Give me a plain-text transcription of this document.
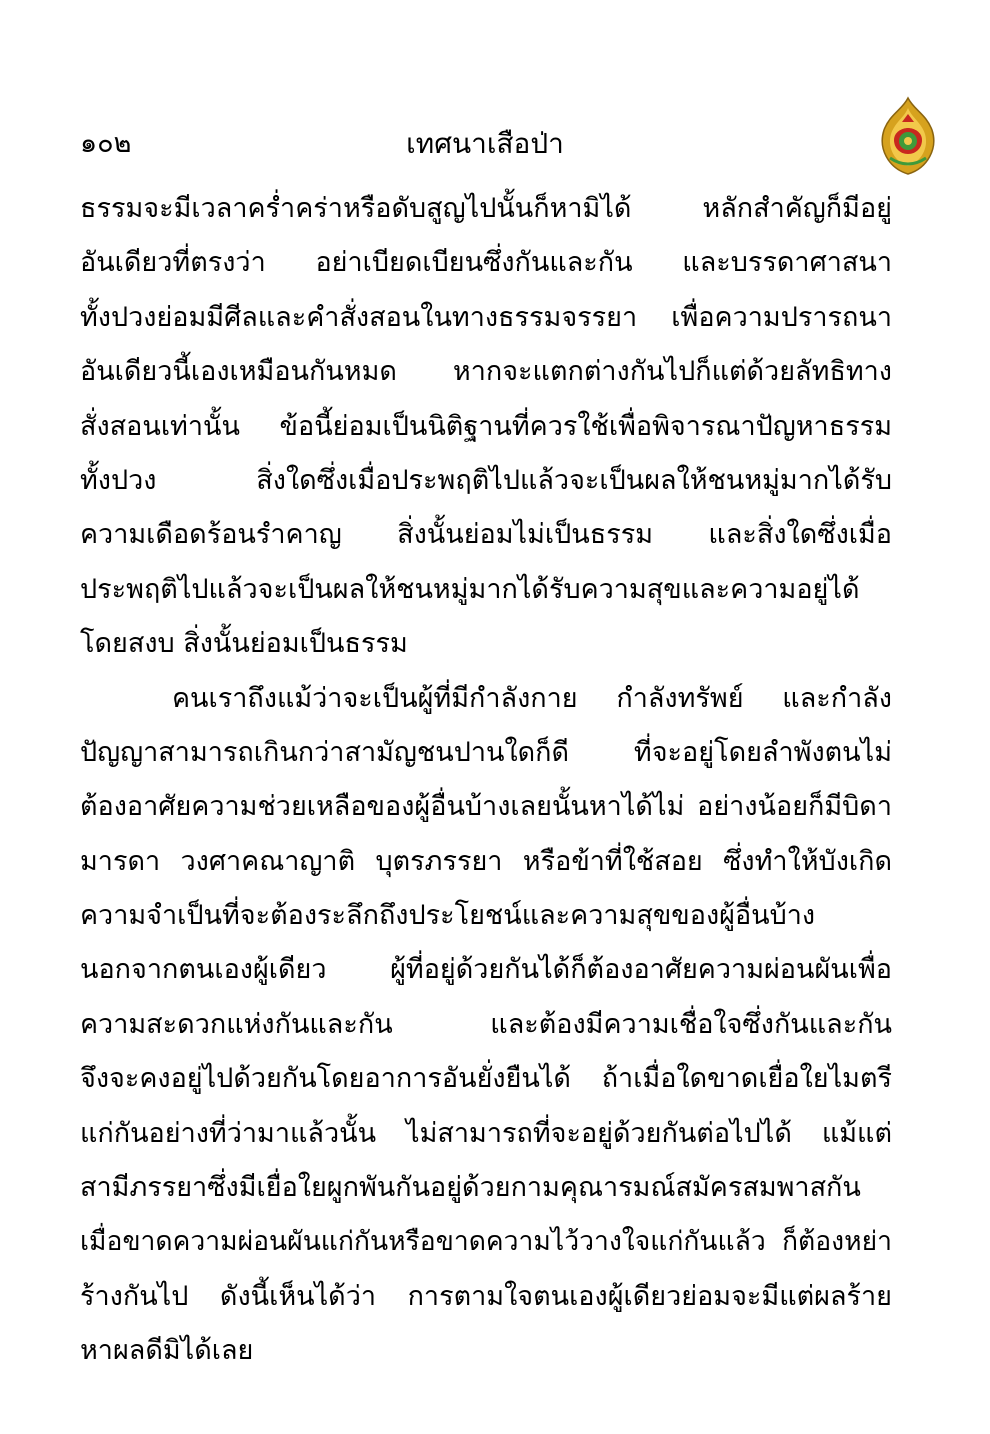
๑๐๒	เทศนาเสือป่า
ธรรมจะมีเวลาคร่ำคร่าหรือดับสูญไปนั้นก็หามิได้ หลักสำคัญก็มีอยู่
อันเดียวที่ตรงว่า อย่าเบียดเบียนซึ่งกันและกัน และบรรดาศาสนา
ทั้งปวงย่อมมีศีลและคำสั่งสอนในทางธรรมจรรยา เพื่อความปรารถนา
อันเดียวนี้เองเหมือนกันหมด หากจะแตกต่างกันไปก็แต่ด้วยลัทธิทาง
สั่งสอนเท่านั้น ข้อนี้ย่อมเป็นนิติฐานที่ควรใช้เพื่อพิจารณาปัญหาธรรม
ทั้งปวง สิ่งใดซึ่งเมื่อประพฤติไปแล้วจะเป็นผลให้ชนหมู่มากได้รับ
ความเดือดร้อนรำคาญ สิ่งนั้นย่อมไม่เป็นธรรม และสิ่งใดซึ่งเมื่อ
ประพฤติไปแล้วจะเป็นผลให้ชนหมู่มากได้รับความสุขและความอยู่ได้
โดยสงบ สิ่งนั้นย่อมเป็นธรรม
คนเราถึงแม้ว่าจะเป็นผู้ที่มีกำลังกาย กำลังทรัพย์ และกำลัง
ปัญญาสามารถเกินกว่าสามัญชนปานใดก็ดี ที่จะอยู่โดยลำพังตนไม่
ต้องอาศัยความช่วยเหลือของผู้อื่นบ้างเลยนั้นหาได้ไม่ อย่างน้อยก็มีบิดา
มารดา วงศาคณาญาติ บุตรภรรยา หรือข้าที่ใช้สอย ซึ่งทำให้บังเกิด
ความจำเป็นที่จะต้องระลึกถึงประโยชน์และความสุขของผู้อื่นบ้าง
นอกจากตนเองผู้เดียว ผู้ที่อยู่ด้วยกันได้ก็ต้องอาศัยความผ่อนผันเพื่อ
ความสะดวกแห่งกันและกัน และต้องมีความเชื่อใจซึ่งกันและกัน
จึงจะคงอยู่ไปด้วยกันโดยอาการอันยั่งยืนได้ ถ้าเมื่อใดขาดเยื่อใยไมตรี
แก่กันอย่างที่ว่ามาแล้วนั้น ไม่สามารถที่จะอยู่ด้วยกันต่อไปได้ แม้แต่
สามีภรรยาซึ่งมีเยื่อใยผูกพันกันอยู่ด้วยกามคุณารมณ์สมัครสมพาสกัน
เมื่อขาดความผ่อนผันแก่กันหรือขาดความไว้วางใจแก่กันแล้ว ก็ต้องหย่า
ร้างกันไป ดังนี้เห็นได้ว่า การตามใจตนเองผู้เดียวย่อมจะมีแต่ผลร้าย
หาผลดีมิได้เลย
